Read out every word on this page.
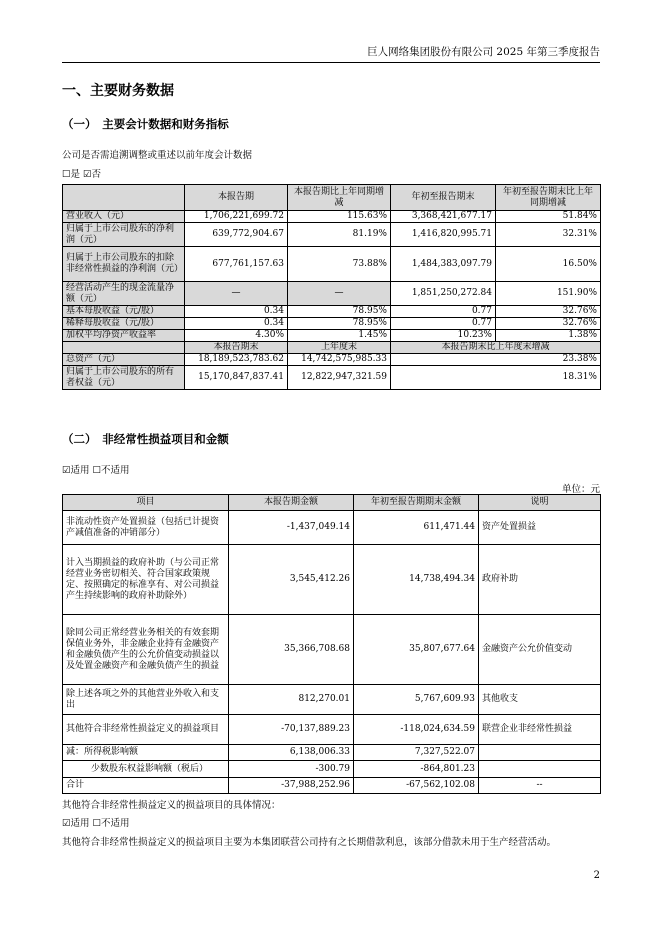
巨人网络集团股份有限公司 2025 年第三季度报告
一、主要财务数据
（一）　主要会计数据和财务指标
公司是否需追溯调整或重述以前年度会计数据
☐是 ☑否
	本报告期	本报告期比上年同期增减	年初至报告期末	年初至报告期末比上年同期增减
营业收入（元）	1,706,221,699.72	115.63%	3,368,421,677.17	51.84%
归属于上市公司股东的净利润（元）	639,772,904.67	81.19%	1,416,820,995.71	32.31%
归属于上市公司股东的扣除非经常性损益的净利润（元）	677,761,157.63	73.88%	1,484,383,097.79	16.50%
经营活动产生的现金流量净额（元）	—	—	1,851,250,272.84	151.90%
基本每股收益（元/股）	0.34	78.95%	0.77	32.76%
稀释每股收益（元/股）	0.34	78.95%	0.77	32.76%
加权平均净资产收益率	4.30%	1.45%	10.23%	1.38%
	本报告期末	上年度末	本报告期末比上年度末增减	
总资产（元）	18,189,523,783.62	14,742,575,985.33	23.38%	
归属于上市公司股东的所有者权益（元）	15,170,847,837.41	12,822,947,321.59	18.31%	
（二）　非经常性损益项目和金额
☑适用 ☐不适用
单位：元
项目	本报告期金额	年初至报告期期末金额	说明
非流动性资产处置损益（包括已计提资产减值准备的冲销部分）	-1,437,049.14	611,471.44	资产处置损益
计入当期损益的政府补助（与公司正常经营业务密切相关、符合国家政策规定、按照确定的标准享有、对公司损益产生持续影响的政府补助除外）	3,545,412.26	14,738,494.34	政府补助
除同公司正常经营业务相关的有效套期保值业务外，非金融企业持有金融资产和金融负债产生的公允价值变动损益以及处置金融资产和金融负债产生的损益	35,366,708.68	35,807,677.64	金融资产公允价值变动
除上述各项之外的其他营业外收入和支出	812,270.01	5,767,609.93	其他收支
其他符合非经常性损益定义的损益项目	-70,137,889.23	-118,024,634.59	联营企业非经常性损益
减：所得税影响额	6,138,006.33	7,327,522.07	
少数股东权益影响额（税后）	-300.79	-864,801.23	
合计	-37,988,252.96	-67,562,102.08	--
其他符合非经常性损益定义的损益项目的具体情况：
☑适用 ☐不适用
其他符合非经常性损益定义的损益项目主要为本集团联营公司持有之长期借款利息，该部分借款未用于生产经营活动。
2
